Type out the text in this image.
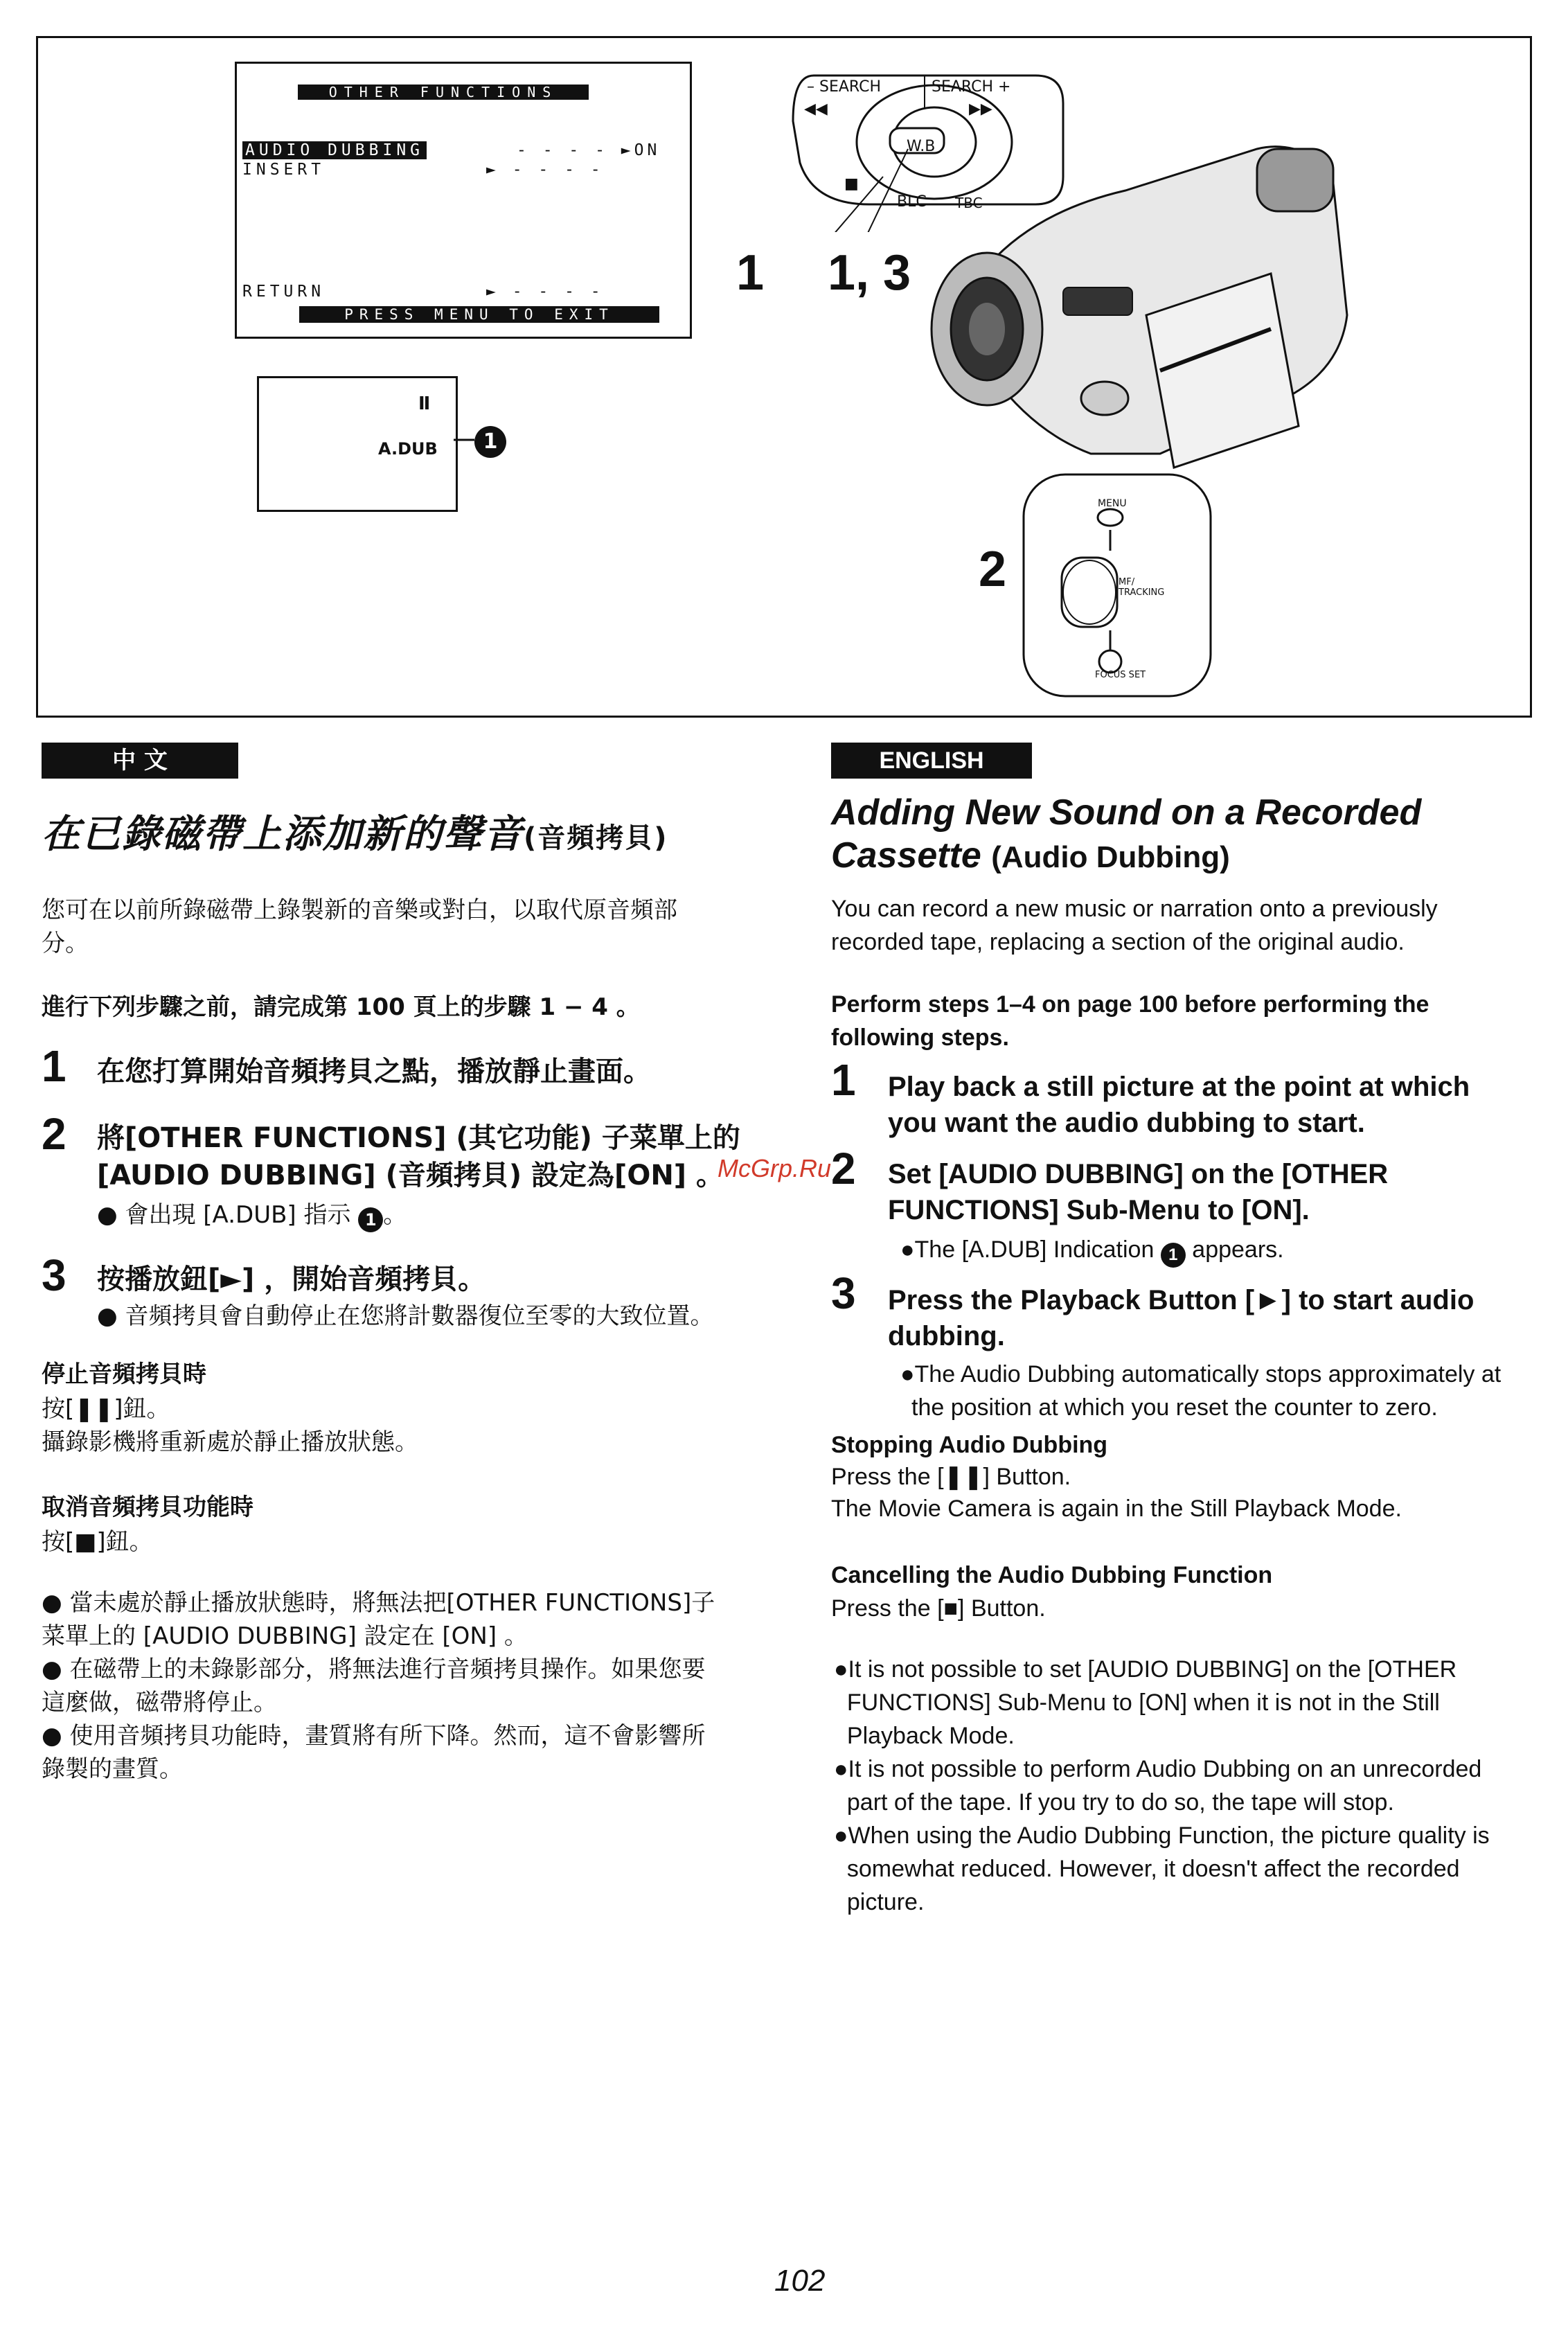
OTHER FUNCTIONS
AUDIO DUBBING	- - - - ►ON
INSERT	► - - - -
RETURN	► - - - -
PRESS MENU TO EXIT
II
A.DUB	1
1 1, 3
2
– SEARCH	SEARCH +
◀◀	▶▶
W.B
BLC TBC
■
MENU
MF/ TRACKING
FOCUS SET
中 文
在已錄磁帶上添加新的聲音(音頻拷貝)
您可在以前所錄磁帶上錄製新的音樂或對白，以取代原音頻部
分。
進行下列步驟之前，請完成第 100 頁上的步驟 1 − 4 。
1 在您打算開始音頻拷貝之點，播放靜止畫面。
2 將[OTHER FUNCTIONS] (其它功能) 子菜單上的
[AUDIO DUBBING] (音頻拷貝) 設定為[ON] 。
● 會出現 [A.DUB] 指示 1 。
3 按播放鈕[►] ，開始音頻拷貝。
● 音頻拷貝會自動停止在您將計數器復位至零的大致位置。
停止音頻拷貝時
按[❚❚]鈕。
攝錄影機將重新處於靜止播放狀態。
取消音頻拷貝功能時
按[■]鈕。
● 當未處於靜止播放狀態時，將無法把[OTHER FUNCTIONS]子
菜單上的 [AUDIO DUBBING] 設定在 [ON] 。
● 在磁帶上的未錄影部分，將無法進行音頻拷貝操作。如果您要
這麼做，磁帶將停止。
● 使用音頻拷貝功能時，畫質將有所下降。然而，這不會影響所
錄製的畫質。
McGrp.Ru
ENGLISH
Adding New Sound on a Recorded
Cassette (Audio Dubbing)
You can record a new music or narration onto a previously
recorded tape, replacing a section of the original audio.
Perform steps 1–4 on page 100 before performing the
following steps.
1 Play back a still picture at the point at which
you want the audio dubbing to start.
2 Set [AUDIO DUBBING] on the [OTHER
FUNCTIONS] Sub-Menu to [ON].
●The [A.DUB] Indication 1 appears.
3 Press the Playback Button [►] to start audio
dubbing.
●The Audio Dubbing automatically stops approximately at
the position at which you reset the counter to zero.
Stopping Audio Dubbing
Press the [❚❚] Button.
The Movie Camera is again in the Still Playback Mode.
Cancelling the Audio Dubbing Function
Press the [■] Button.
●It is not possible to set [AUDIO DUBBING] on the [OTHER
FUNCTIONS] Sub-Menu to [ON] when it is not in the Still
Playback Mode.
●It is not possible to perform Audio Dubbing on an unrecorded
part of the tape. If you try to do so, the tape will stop.
●When using the Audio Dubbing Function, the picture quality is
somewhat reduced. However, it doesn't affect the recorded
picture.
102
